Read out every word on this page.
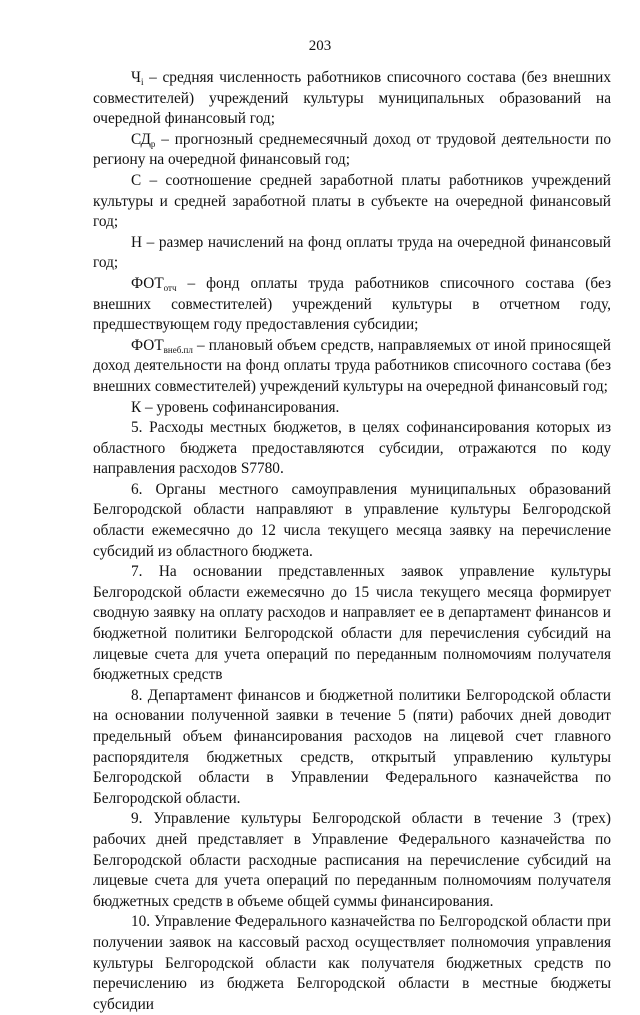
203

$Ч_i$ – средняя численность работников списочного состава (без внешних совместителей) учреждений культуры муниципальных образований на очередной финансовый год;

$СД_р$ – прогнозный среднемесячный доход от трудовой деятельности по региону на очередной финансовый год;

С – соотношение средней заработной платы работников учреждений культуры и средней заработной платы в субъекте на очередной финансовый год;

Н – размер начислений на фонд оплаты труда на очередной финансовый год;

$ФОТ_{отч}$ – фонд оплаты труда работников списочного состава (без внешних совместителей) учреждений культуры в отчетном году, предшествующем году предоставления субсидии;

$ФОТ_{внеб.пл}$ – плановый объем средств, направляемых от иной приносящей доход деятельности на фонд оплаты труда работников списочного состава (без внешних совместителей) учреждений культуры на очередной финансовый год;

К – уровень софинансирования.

5. Расходы местных бюджетов, в целях софинансирования которых из областного бюджета предоставляются субсидии, отражаются по коду направления расходов S7780.

6. Органы местного самоуправления муниципальных образований Белгородской области направляют в управление культуры Белгородской области ежемесячно до 12 числа текущего месяца заявку на перечисление субсидий из областного бюджета.

7. На основании представленных заявок управление культуры Белгородской области ежемесячно до 15 числа текущего месяца формирует сводную заявку на оплату расходов и направляет ее в департамент финансов и бюджетной политики Белгородской области для перечисления субсидий на лицевые счета для учета операций по переданным полномочиям получателя бюджетных средств

8. Департамент финансов и бюджетной политики Белгородской области на основании полученной заявки в течение 5 (пяти) рабочих дней доводит предельный объем финансирования расходов на лицевой счет главного распорядителя бюджетных средств, открытый управлению культуры Белгородской области в Управлении Федерального казначейства по Белгородской области.

9. Управление культуры Белгородской области в течение 3 (трех) рабочих дней представляет в Управление Федерального казначейства по Белгородской области расходные расписания на перечисление субсидий на лицевые счета для учета операций по переданным полномочиям получателя бюджетных средств в объеме общей суммы финансирования.

10. Управление Федерального казначейства по Белгородской области при получении заявок на кассовый расход осуществляет полномочия управления культуры Белгородской области как получателя бюджетных средств по перечислению из бюджета Белгородской области в местные бюджеты субсидии
